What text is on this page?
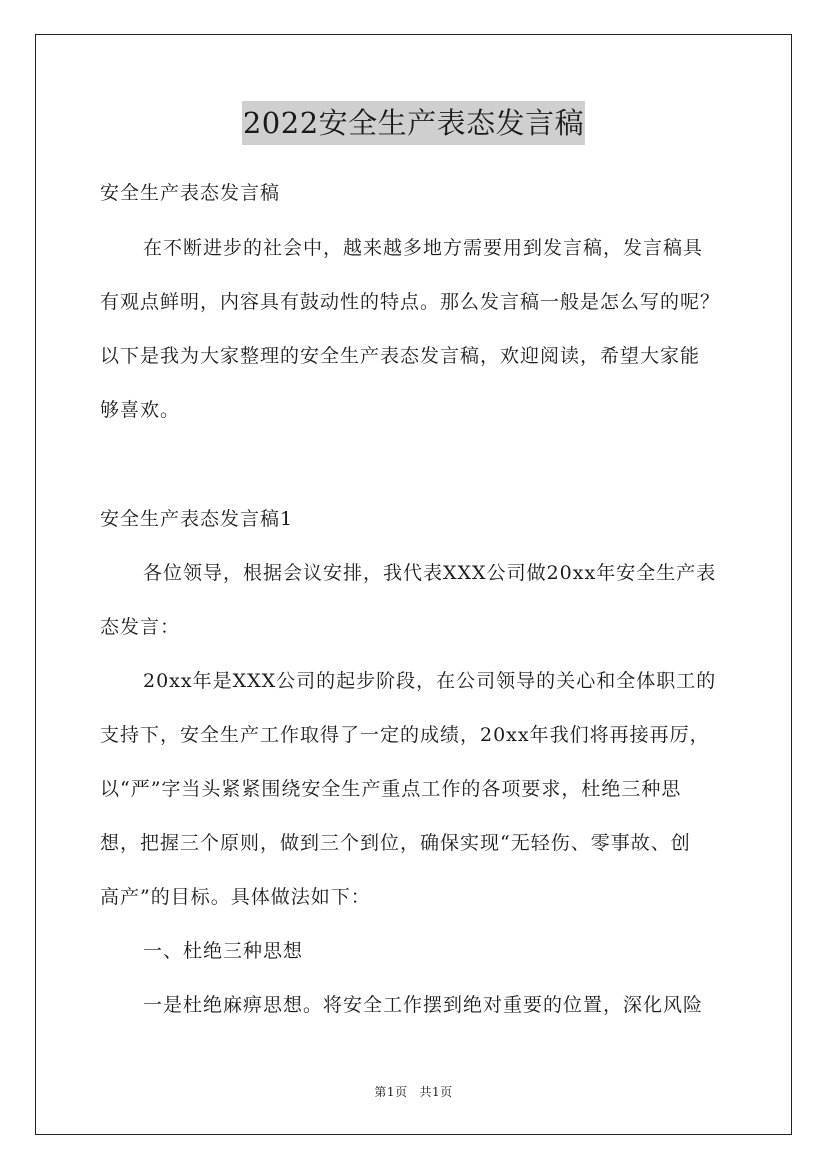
2022安全生产表态发言稿
安全生产表态发言稿
在不断进步的社会中，越来越多地方需要用到发言稿，发言稿具
有观点鲜明，内容具有鼓动性的特点。那么发言稿一般是怎么写的呢？
以下是我为大家整理的安全生产表态发言稿，欢迎阅读，希望大家能
够喜欢。
安全生产表态发言稿1
各位领导，根据会议安排，我代表XXX公司做20xx年安全生产表
态发言：
20xx年是XXX公司的起步阶段，在公司领导的关心和全体职工的
支持下，安全生产工作取得了一定的成绩，20xx年我们将再接再厉，
以“严”字当头紧紧围绕安全生产重点工作的各项要求，杜绝三种思
想，把握三个原则，做到三个到位，确保实现“无轻伤、零事故、创
高产”的目标。具体做法如下：
一、杜绝三种思想
一是杜绝麻痹思想。将安全工作摆到绝对重要的位置，深化风险
第1页 共1页
